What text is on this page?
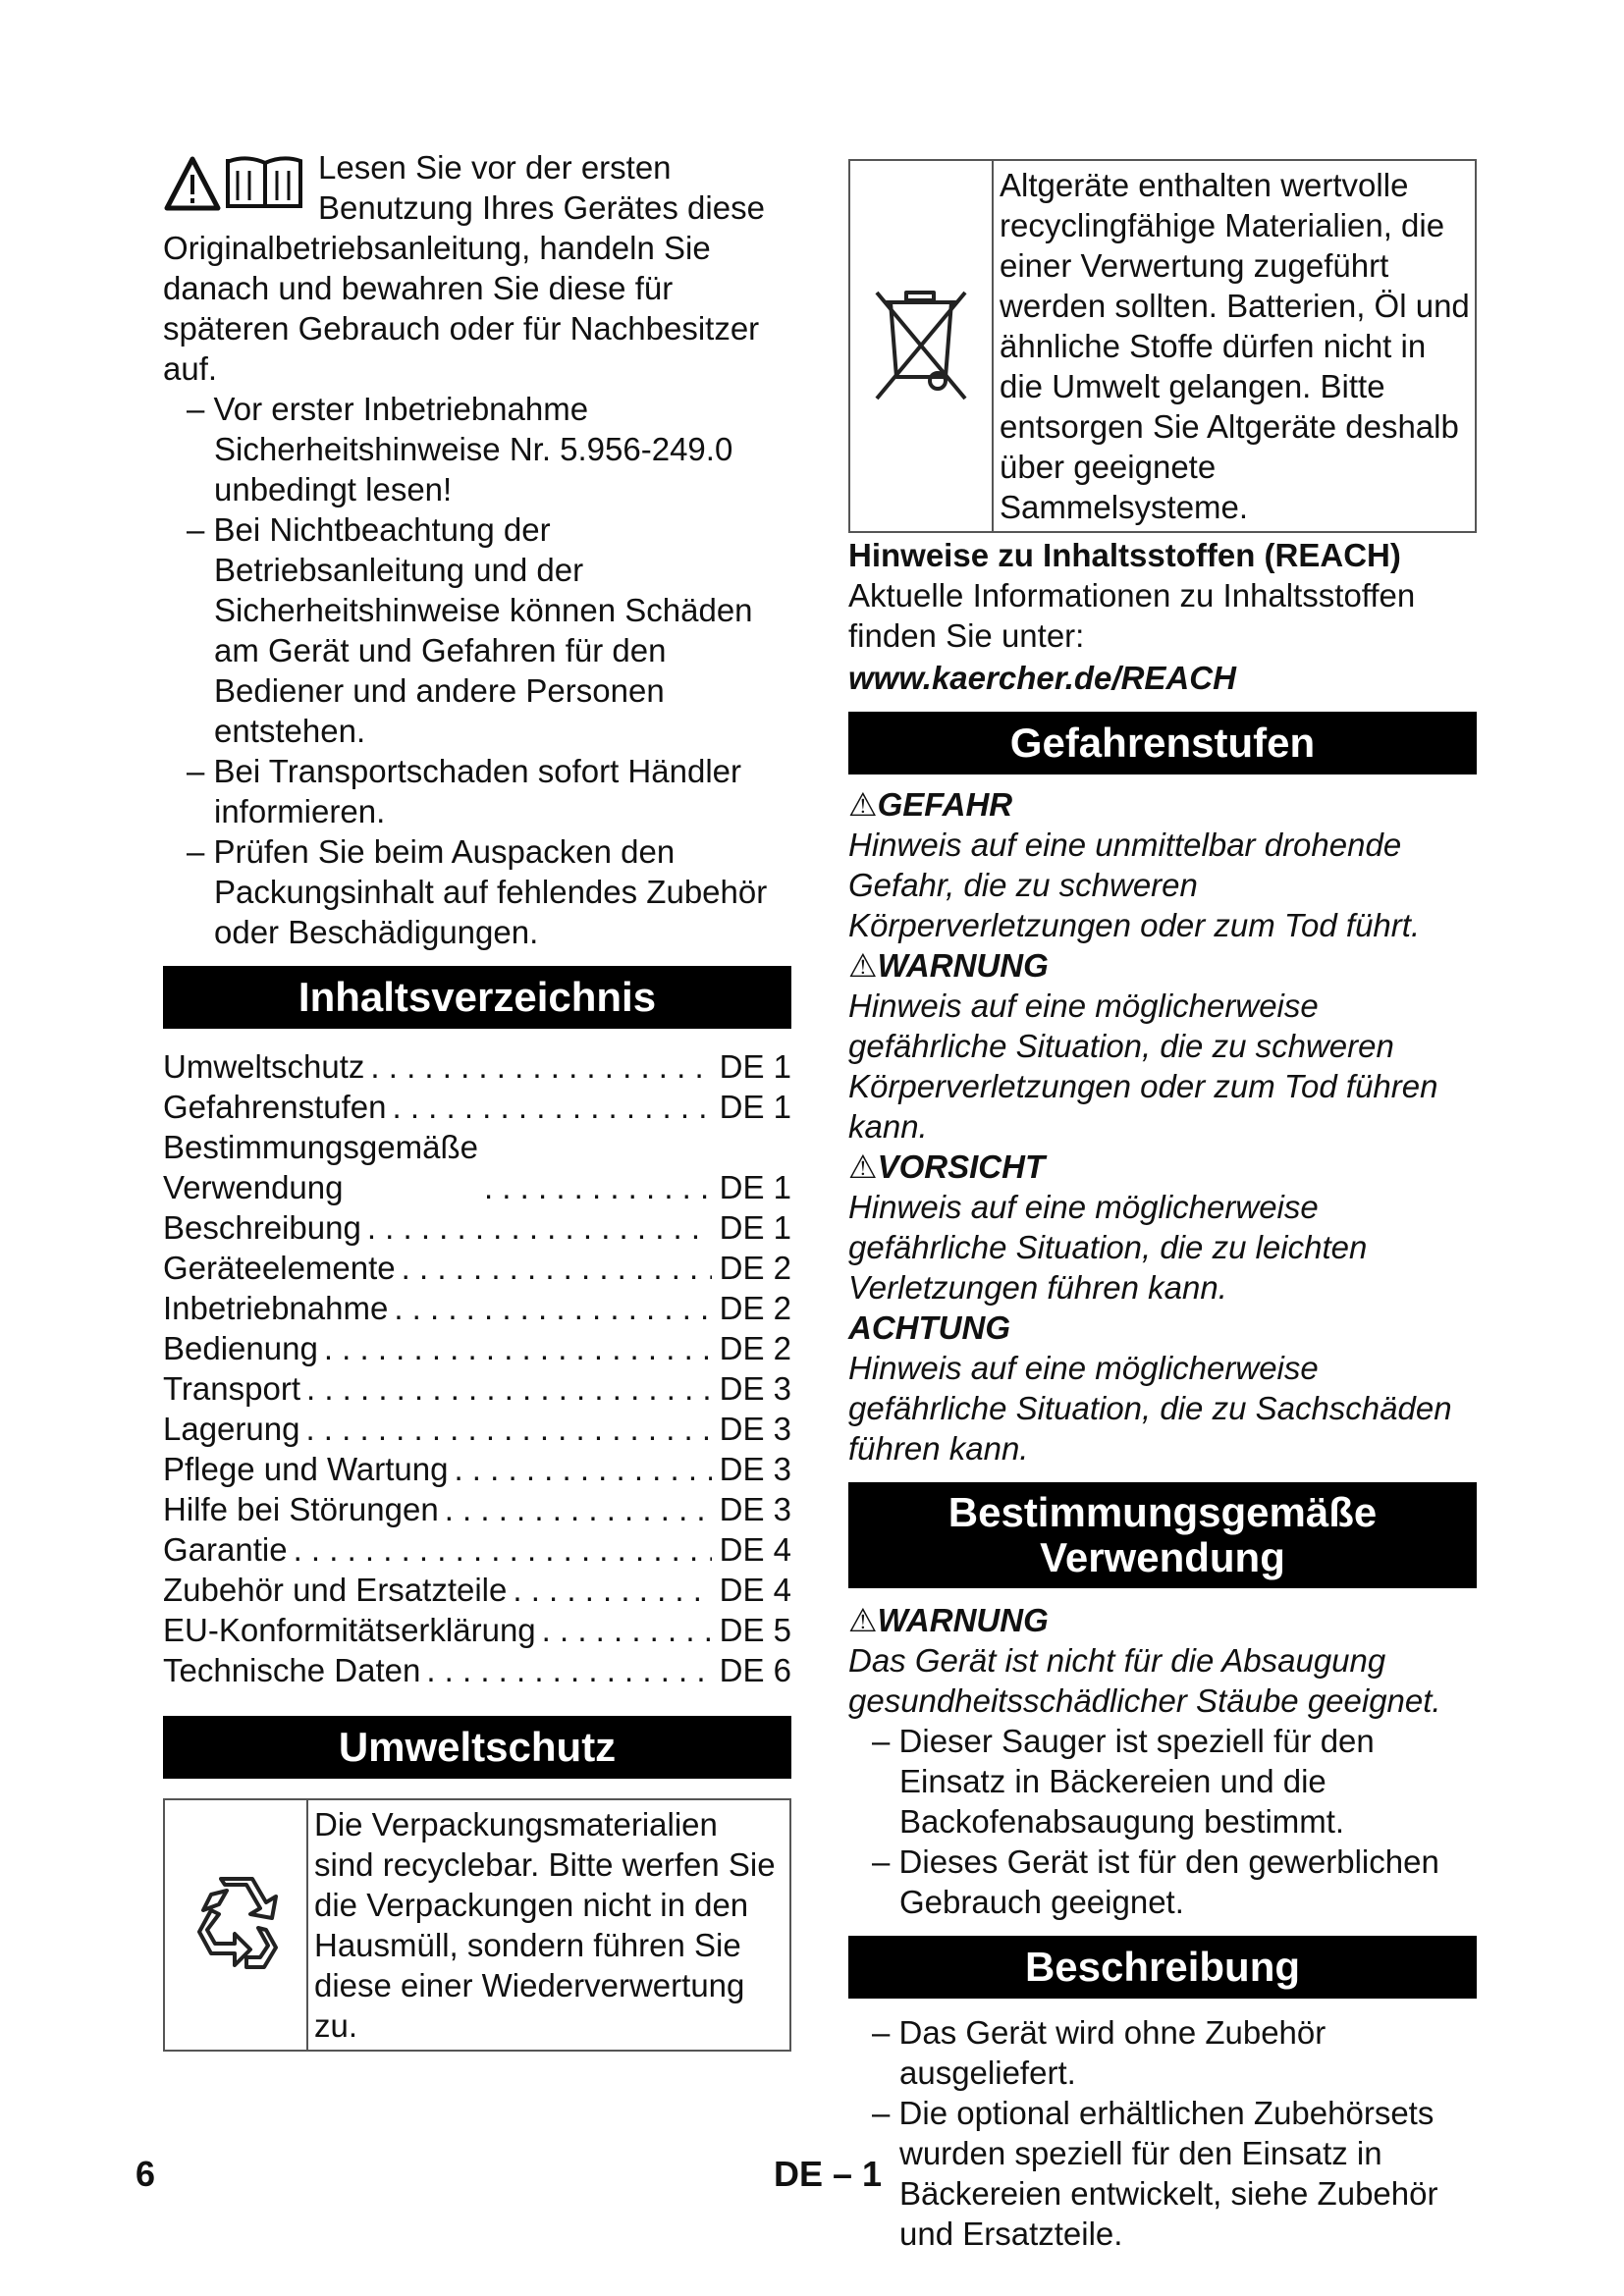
Lesen Sie vor der ersten Benutzung Ihres Gerätes diese Originalbetriebsanleitung, handeln Sie danach und bewahren Sie diese für späteren Gebrauch oder für Nachbesitzer auf.

– Vor erster Inbetriebnahme Sicherheitshinweise Nr. 5.956-249.0 unbedingt lesen!
– Bei Nichtbeachtung der Betriebsanleitung und der Sicherheitshinweise können Schäden am Gerät und Gefahren für den Bediener und andere Personen entstehen.
– Bei Transportschaden sofort Händler informieren.
– Prüfen Sie beim Auspacken den Packungsinhalt auf fehlendes Zubehör oder Beschädigungen.
Inhaltsverzeichnis
Umweltschutz . . .	DE 1
Gefahrenstufen . . .	DE 1
Bestimmungsgemäße Verwendung . . .	DE 1
Beschreibung . . .	DE 1
Geräteelemente . . .	DE 2
Inbetriebnahme . . .	DE 2
Bedienung . . .	DE 2
Transport . . .	DE 3
Lagerung . . .	DE 3
Pflege und Wartung . . .	DE 3
Hilfe bei Störungen . . .	DE 3
Garantie . . .	DE 4
Zubehör und Ersatzteile . . .	DE 4
EU-Konformitätserklärung . . .	DE 5
Technische Daten . . .	DE 6
Umweltschutz
Die Verpackungsmaterialien sind recyclebar. Bitte werfen Sie die Verpackungen nicht in den Hausmüll, sondern führen Sie diese einer Wiederverwertung zu.
Altgeräte enthalten wertvolle recyclingfähige Materialien, die einer Verwertung zugeführt werden sollten. Batterien, Öl und ähnliche Stoffe dürfen nicht in die Umwelt gelangen. Bitte entsorgen Sie Altgeräte deshalb über geeignete Sammelsysteme.

Hinweise zu Inhaltsstoffen (REACH)

Aktuelle Informationen zu Inhaltsstoffen finden Sie unter:

www.kaercher.de/REACH

Gefahrenstufen

⚠GEFAHR

Hinweis auf eine unmittelbar drohende Gefahr, die zu schweren Körperverletzungen oder zum Tod führt.

⚠WARNUNG

Hinweis auf eine möglicherweise gefährliche Situation, die zu schweren Körperverletzungen oder zum Tod führen kann.

⚠VORSICHT

Hinweis auf eine möglicherweise gefährliche Situation, die zu leichten Verletzungen führen kann.

ACHTUNG

Hinweis auf eine möglicherweise gefährliche Situation, die zu Sachschäden führen kann.

Bestimmungsgemäße Verwendung

⚠WARNUNG

Das Gerät ist nicht für die Absaugung gesundheitsschädlicher Stäube geeignet.

– Dieser Sauger ist speziell für den Einsatz in Bäckereien und die Backofenabsaugung bestimmt.
– Dieses Gerät ist für den gewerblichen Gebrauch geeignet.
Beschreibung
– Das Gerät wird ohne Zubehör ausgeliefert.
– Die optional erhältlichen Zubehörsets wurden speziell für den Einsatz in Bäckereien entwickelt, siehe Zubehör und Ersatzteile.
6	DE – 1
